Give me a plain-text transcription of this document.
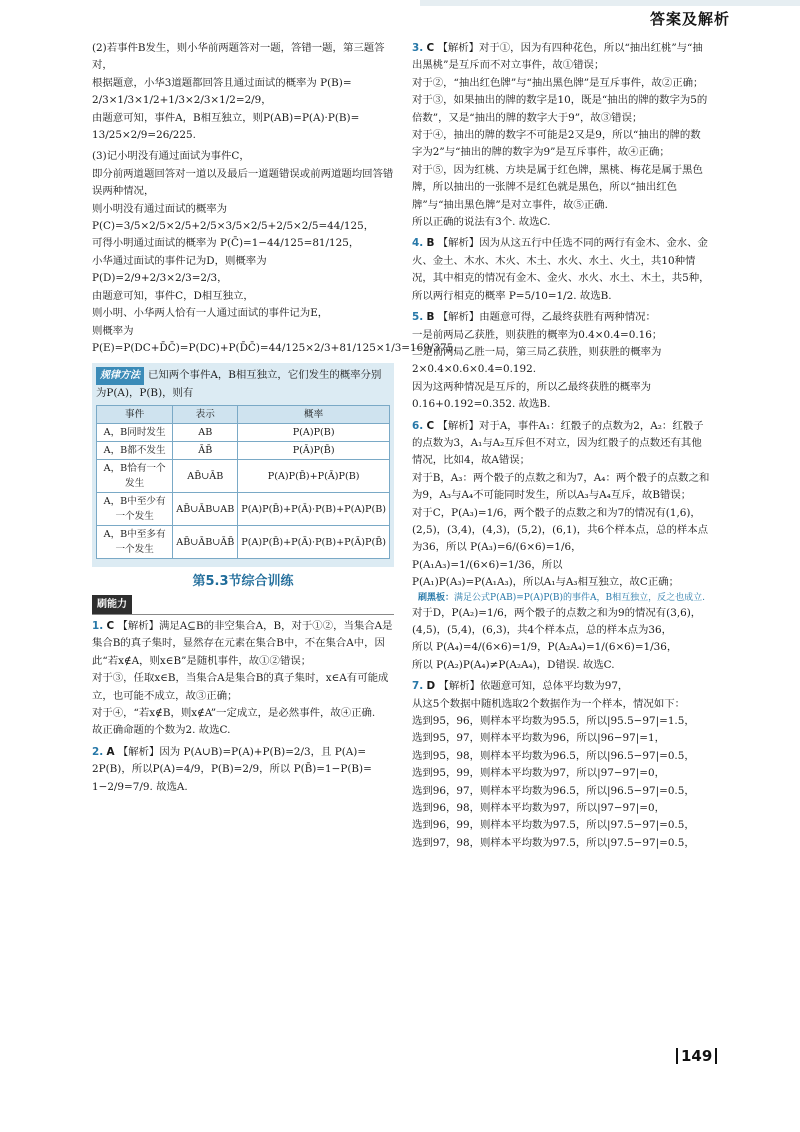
答案及解析

(2)若事件B发生，则小华前两题答对一题，答错一题，第三题答对，

根据题意，小华3道题都回答且通过面试的概率为 P(B)=

2/3×1/3×1/2+1/3×2/3×1/2=2/9，

由题意可知，事件A，B相互独立，则P(AB)=P(A)·P(B)=

13/25×2/9=26/225.

(3)记小明没有通过面试为事件C，

即分前两道题回答对一道以及最后一道题错误或前两道题均回答错误两种情况，

则小明没有通过面试的概率为

P(C)=3/5×2/5×2/5+2/5×3/5×2/5+2/5×2/5=44/125，

可得小明通过面试的概率为 P(C̄)=1−44/125=81/125，

小华通过面试的事件记为D，则概率为 P(D)=2/9+2/3×2/3=2/3，

由题意可知，事件C，D相互独立，

则小明、小华两人恰有一人通过面试的事件记为E，

则概率为 P(E)=P(DC+D̄C̄)=P(DC)+P(D̄C̄)=44/125×2/3+81/125×1/3=169/375.

规律方法 已知两个事件A，B相互独立，它们发生的概率分别为P(A)，P(B)，则有
事件	表示	概率
A，B同时发生	AB	P(A)P(B)
A，B都不发生	ĀB̄	P(Ā)P(B̄)
A，B恰有一个发生	AB̄∪ĀB	P(A)P(B̄)+P(Ā)P(B)
A，B中至少有一个发生	AB̄∪ĀB∪AB	P(A)P(B̄)+P(Ā)·P(B)+P(A)P(B)
A，B中至多有一个发生	AB̄∪ĀB∪ĀB̄	P(A)P(B̄)+P(Ā)·P(B)+P(Ā)P(B̄)
第5.3节综合训练
刷能力

1. C 【解析】满足A⊆B的非空集合A，B，对于①②，当集合A是集合B的真子集时，显然存在元素在集合B中，不在集合A中，因此“若x∉A，则x∈B”是随机事件，故①②错误；

对于③，任取x∈B，当集合A是集合B的真子集时，x∈A有可能成立，也可能不成立，故③正确；

对于④，“若x∉B，则x∉A”一定成立，是必然事件，故④正确.

故正确命题的个数为2. 故选C.

2. A 【解析】因为 P(A∪B)=P(A)+P(B)=2/3，且 P(A)=

2P(B)，所以P(A)=4/9，P(B)=2/9，所以 P(B̄)=1−P(B)=

1−2/9=7/9. 故选A.

3. C 【解析】对于①，因为有四种花色，所以“抽出红桃”与“抽出黑桃”是互斥而不对立事件，故①错误；

对于②，“抽出红色牌”与“抽出黑色牌”是互斥事件，故②正确；

对于③，如果抽出的牌的数字是10，既是“抽出的牌的数字为5的倍数”，又是“抽出的牌的数字大于9”，故③错误；

对于④，抽出的牌的数字不可能是2又是9，所以“抽出的牌的数字为2”与“抽出的牌的数字为9”是互斥事件，故④正确；

对于⑤，因为红桃、方块是属于红色牌，黑桃、梅花是属于黑色牌，所以抽出的一张牌不是红色就是黑色，所以“抽出红色牌”与“抽出黑色牌”是对立事件，故⑤正确.

所以正确的说法有3个. 故选C.

4. B 【解析】因为从这五行中任选不同的两行有金木、金水、金火、金土、木水、木火、木土、水火、水土、火土，共10种情况，其中相克的情况有金木、金火、水火、水土、木土，共5种，

所以两行相克的概率 P=5/10=1/2. 故选B.

5. B 【解析】由题意可得，乙最终获胜有两种情况：

一是前两局乙获胜，则获胜的概率为0.4×0.4=0.16；

二是前两局乙胜一局，第三局乙获胜，则获胜的概率为2×0.4×0.6×0.4=0.192.

因为这两种情况是互斥的，所以乙最终获胜的概率为0.16+0.192=0.352. 故选B.

6. C 【解析】对于A，事件A₁：红骰子的点数为2，A₂：红骰子的点数为3，A₁与A₂互斥但不对立，因为红骰子的点数还有其他情况，比如4，故A错误；

对于B，A₃：两个骰子的点数之和为7，A₄：两个骰子的点数之和为9，A₃与A₄不可能同时发生，所以A₃与A₄互斥，故B错误；

对于C，P(A₃)=1/6，两个骰子的点数之和为7的情况有(1,6)，(2,5)，(3,4)，(4,3)，(5,2)，(6,1)，共6个样本点，总的样本点为36，所以 P(A₃)=6/(6×6)=1/6，P(A₁A₃)=1/(6×6)=1/36，所以

P(A₁)P(A₃)=P(A₁A₃)，所以A₁与A₃相互独立，故C正确；

刷黑板：满足公式P(AB)=P(A)P(B)的事件A，B相互独立，反之也成立.

对于D，P(A₂)=1/6，两个骰子的点数之和为9的情况有(3,6)，(4,5)，(5,4)，(6,3)，共4个样本点，总的样本点为36，

所以 P(A₄)=4/(6×6)=1/9，P(A₂A₄)=1/(6×6)=1/36，

所以 P(A₂)P(A₄)≠P(A₂A₄)，D错误. 故选C.

7. D 【解析】依题意可知，总体平均数为97，

从这5个数据中随机选取2个数据作为一个样本，情况如下：

选到95，96，则样本平均数为95.5，所以|95.5−97|=1.5，

选到95，97，则样本平均数为96，所以|96−97|=1，

选到95，98，则样本平均数为96.5，所以|96.5−97|=0.5，

选到95，99，则样本平均数为97，所以|97−97|=0，

选到96，97，则样本平均数为96.5，所以|96.5−97|=0.5，

选到96，98，则样本平均数为97，所以|97−97|=0，

选到96，99，则样本平均数为97.5，所以|97.5−97|=0.5，

选到97，98，则样本平均数为97.5，所以|97.5−97|=0.5，

149
